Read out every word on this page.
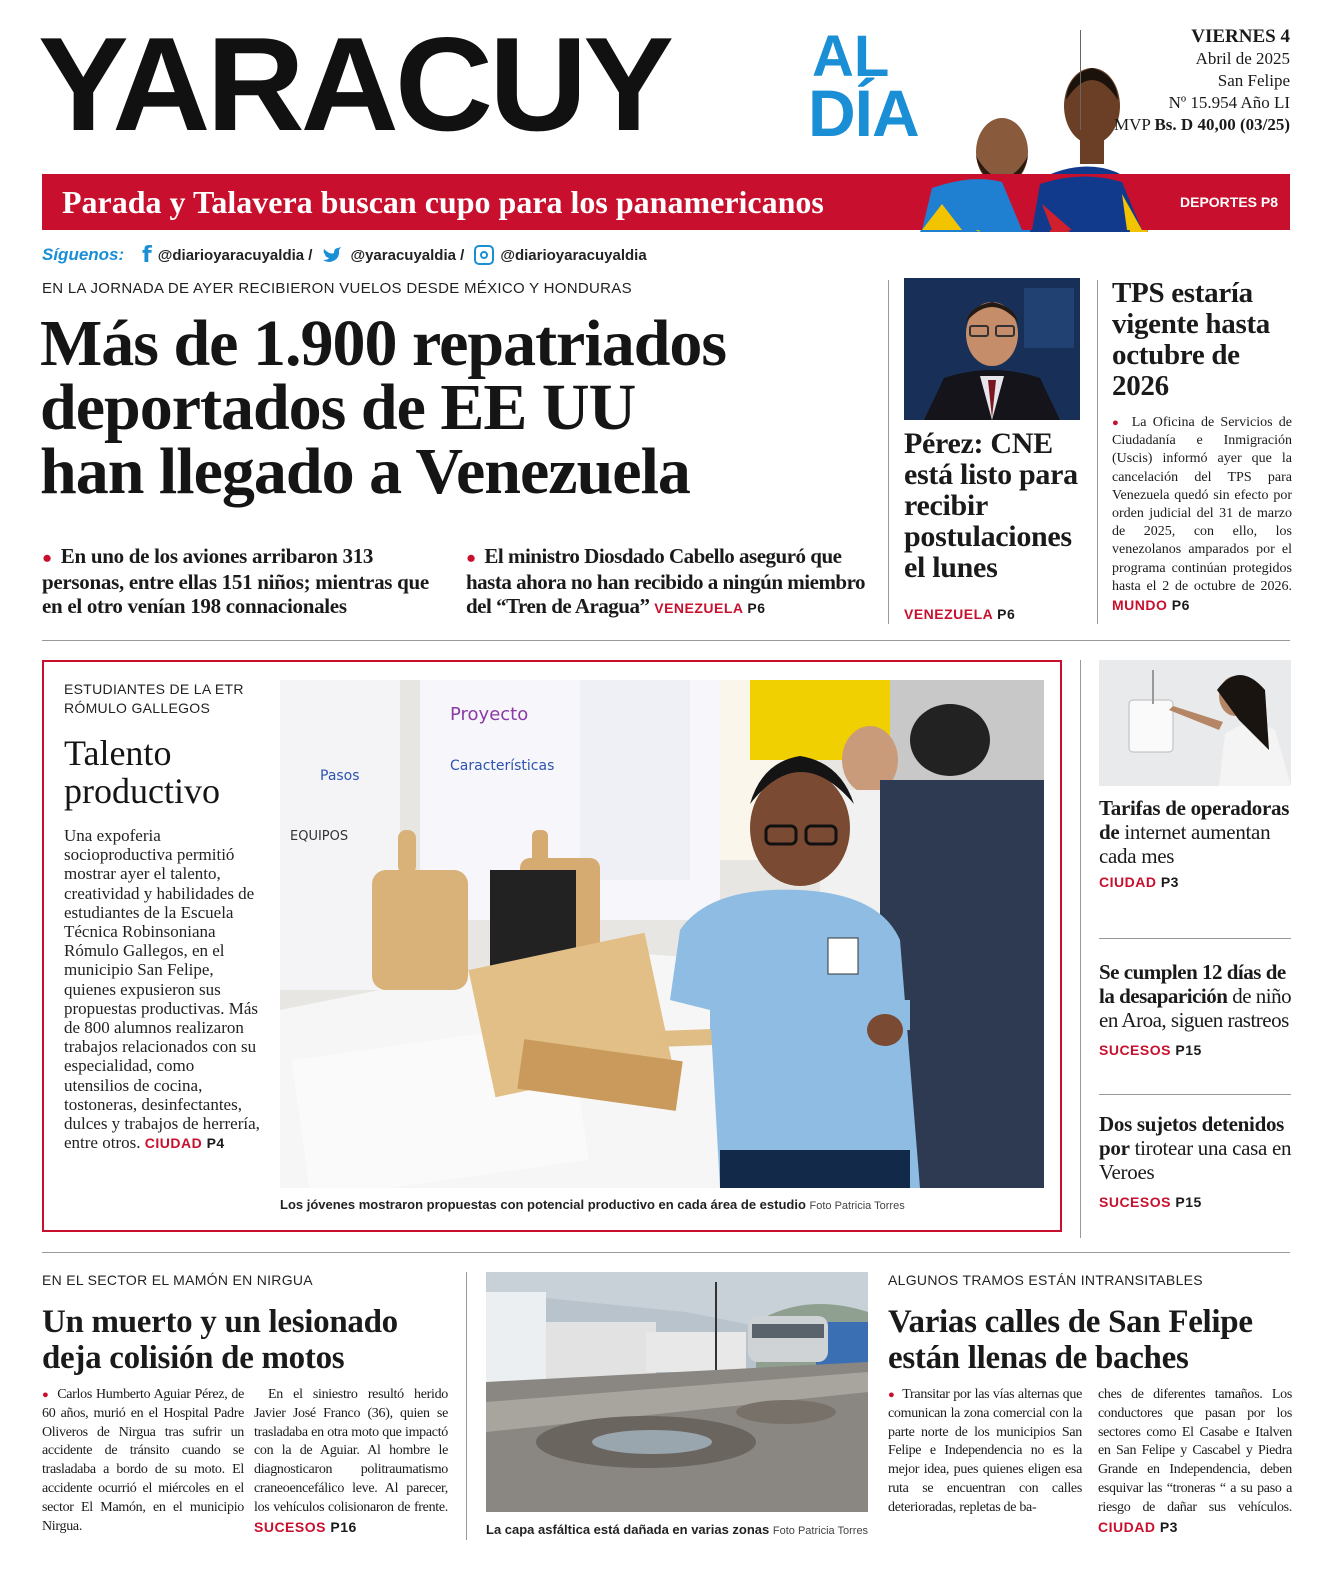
YARACUY AL
DÍA
VIERNES 4
Abril de 2025
San Felipe
Nº 15.954 Año LI
MVP Bs. D 40,00 (03/25)
Parada y Talavera buscan cupo para los panamericanos	DEPORTES P8
Síguenos: f @diarioyaracuyaldia /	@yaracuyaldia / @diarioyaracuyaldia
EN LA JORNADA DE AYER RECIBIERON VUELOS DESDE MÉXICO Y HONDURAS
Más de 1.900 repatriados
deportados de EE UU
han llegado a Venezuela
● En uno de los aviones arribaron 313 personas, entre ellas 151 niños; mientras que en el otro venían 198 connacionales
● El ministro Diosdado Cabello aseguró que hasta ahora no han recibido a ningún miembro del “Tren de Aragua” VENEZUELA P6
Pérez: CNE está listo para recibir postulaciones el lunes
VENEZUELA P6
TPS estaría vigente hasta octubre de 2026
● La Oficina de Servicios de Ciudadanía e Inmigración (Uscis) informó ayer que la cancelación del TPS para Venezuela quedó sin efecto por orden judicial del 31 de marzo de 2025, con ello, los venezolanos amparados por el programa continúan protegidos hasta el 2 de octubre de 2026. MUNDO P6
ESTUDIANTES DE LA ETR RÓMULO GALLEGOS
Talento productivo
Una expoferia socioproductiva permitió mostrar ayer el talento, creatividad y habilidades de estudiantes de la Escuela Técnica Robinsoniana Rómulo Gallegos, en el municipio San Felipe, quienes expusieron sus propuestas productivas. Más de 800 alumnos realizaron trabajos relacionados con su especialidad, como utensilios de cocina, tostoneras, desinfectantes, dulces y trabajos de herrería, entre otros. CIUDAD P4
Proyecto
Características
Pasos
EQUIPOS
Los jóvenes mostraron propuestas con potencial productivo en cada área de estudio Foto Patricia Torres
Tarifas de operadoras de internet aumentan cada mes
CIUDAD P3
Se cumplen 12 días de la desaparición de niño en Aroa, siguen rastreos
SUCESOS P15
Dos sujetos detenidos por tirotear una casa en Veroes
SUCESOS P15
EN EL SECTOR EL MAMÓN EN NIRGUA
Un muerto y un lesionado deja colisión de motos
● Carlos Humberto Aguiar Pérez, de 60 años, murió en el Hospital Padre Oliveros de Nirgua tras sufrir un accidente de tránsito cuando se trasladaba a bordo de su moto. El accidente ocurrió el miércoles en el sector El Mamón, en el municipio Nirgua.
En el siniestro resultó herido Javier José Franco (36), quien se trasladaba en otra moto que impactó con la de Aguiar. Al hombre le diagnosticaron politraumatismo craneoencefálico leve. Al parecer, los vehículos colisionaron de frente. SUCESOS P16	La capa asfáltica está dañada en varias zonas Foto Patricia Torres
ALGUNOS TRAMOS ESTÁN INTRANSITABLES
Varias calles de San Felipe están llenas de baches
● Transitar por las vías alternas que comunican la zona comercial con la parte norte de los municipios San Felipe e Independencia no es la mejor idea, pues quienes eligen esa ruta se encuentran con calles deterioradas, repletas de ba-
ches de diferentes tamaños. Los conductores que pasan por los sectores como El Casabe e Italven en San Felipe y Cascabel y Piedra Grande en Independencia, deben esquivar las “troneras “ a su paso a riesgo de dañar sus vehículos. CIUDAD P3
